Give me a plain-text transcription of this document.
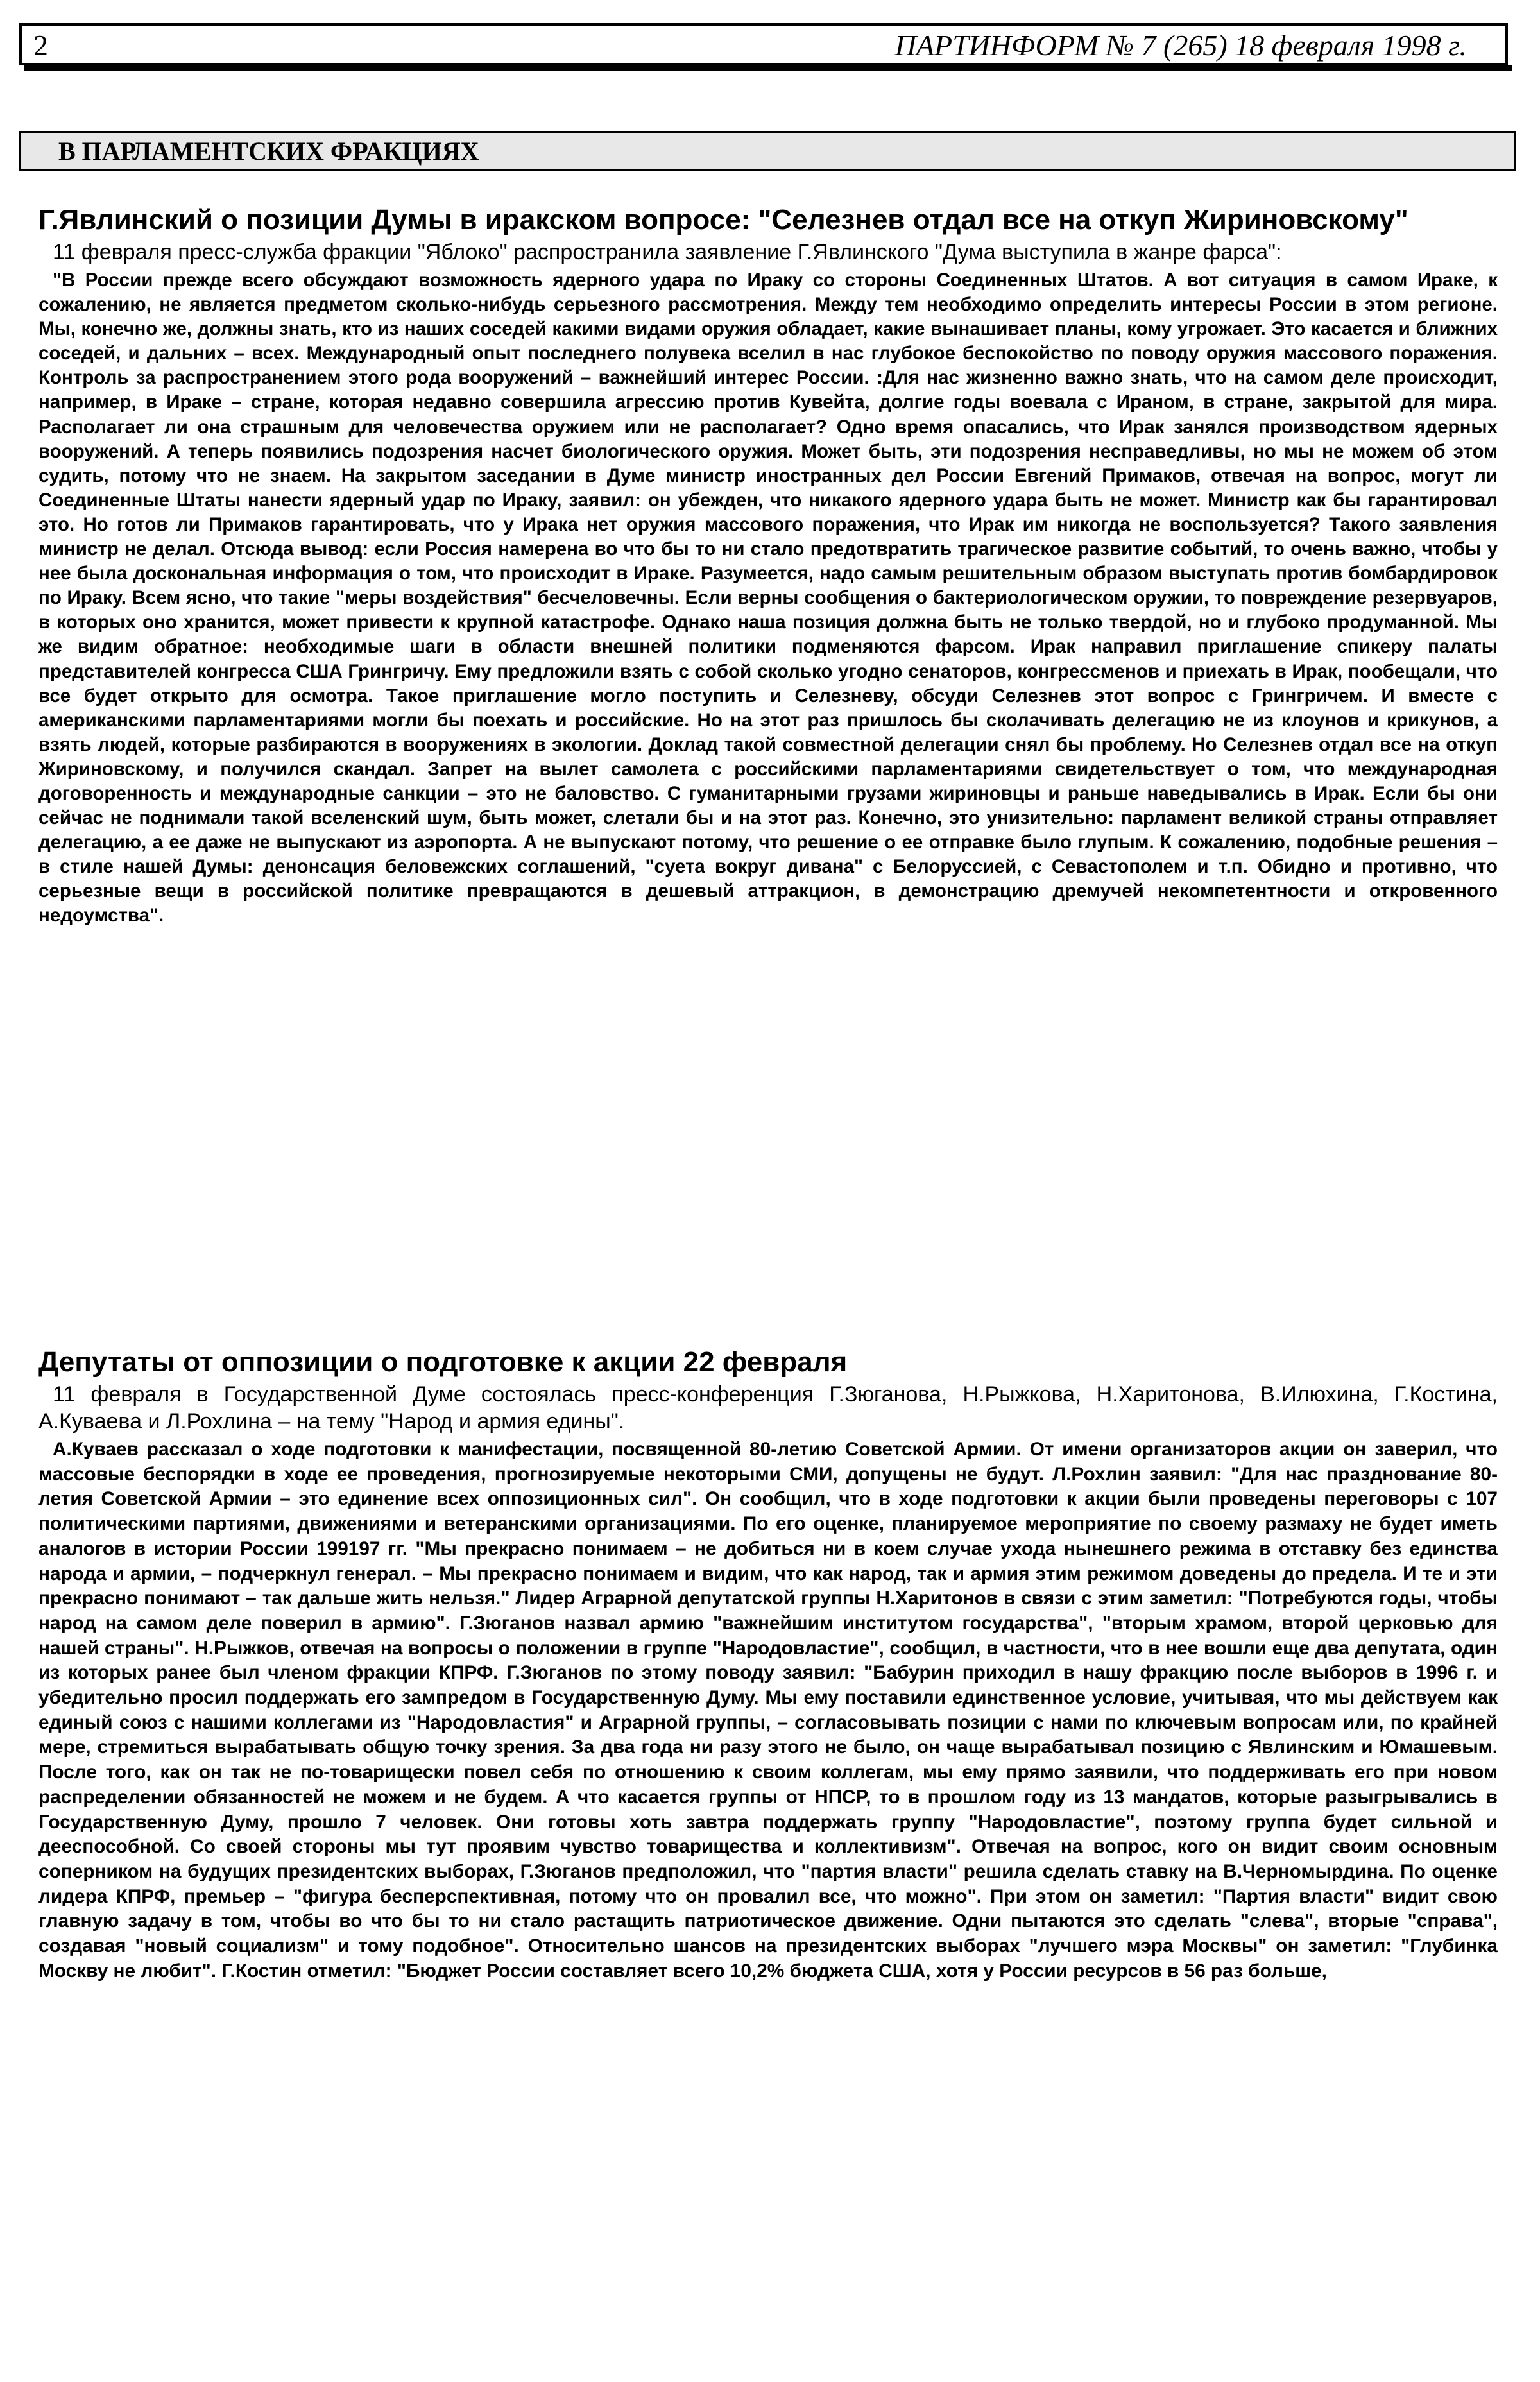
2	ПАРТИНФОРМ № 7 (265) 18 февраля 1998 г.
В ПАРЛАМЕНТСКИХ ФРАКЦИЯХ
Г.Явлинский о позиции Думы в иракском вопросе: "Селезнев отдал все на откуп Жириновскому"

11 февраля пресс-служба фракции "Яблоко" распространила заявление Г.Явлинского "Дума выступила в жанре фарса":

"В России прежде всего обсуждают возможность ядерного удара по Ираку со стороны Соединенных Штатов. А вот ситуация в самом Ираке, к сожалению, не является предметом сколько-нибудь серьезного рассмотрения. Между тем необходимо определить интересы России в этом регионе. Мы, конечно же, должны знать, кто из наших соседей какими видами оружия обладает, какие вынашивает планы, кому угрожает. Это касается и ближних соседей, и дальних – всех. Международный опыт последнего полувека вселил в нас глубокое беспокойство по поводу оружия массового поражения. Контроль за распространением этого рода вооружений – важнейший интерес России. :Для нас жизненно важно знать, что на самом деле происходит, например, в Ираке – стране, которая недавно совершила агрессию против Кувейта, долгие годы воевала с Ираном, в стране, закрытой для мира. Располагает ли она страшным для человечества оружием или не располагает? Одно время опасались, что Ирак занялся производством ядерных вооружений. А теперь появились подозрения насчет биологического оружия. Может быть, эти подозрения несправедливы, но мы не можем об этом судить, потому что не знаем. На закрытом заседании в Думе министр иностранных дел России Евгений Примаков, отвечая на вопрос, могут ли Соединенные Штаты нанести ядерный удар по Ираку, заявил: он убежден, что никакого ядерного удара быть не может. Министр как бы гарантировал это. Но готов ли Примаков гарантировать, что у Ирака нет оружия массового поражения, что Ирак им никогда не воспользуется? Такого заявления министр не делал. Отсюда вывод: если Россия намерена во что бы то ни стало предотвратить трагическое развитие событий, то очень важно, чтобы у нее была доскональная информация о том, что происходит в Ираке. Разумеется, надо самым решительным образом выступать против бомбардировок по Ираку. Всем ясно, что такие "меры воздействия" бесчеловечны. Если верны сообщения о бактериологическом оружии, то повреждение резервуаров, в которых оно хранится, может привести к крупной катастрофе. Однако наша позиция должна быть не только твердой, но и глубоко продуманной. Мы же видим обратное: необходимые шаги в области внешней политики подменяются фарсом. Ирак направил приглашение спикеру палаты представителей конгресса США Грингричу. Ему предложили взять с собой сколько угодно сенаторов, конгрессменов и приехать в Ирак, пообещали, что все будет открыто для осмотра. Такое приглашение могло поступить и Селезневу, обсуди Селезнев этот вопрос с Грингричем. И вместе с американскими парламентариями могли бы поехать и российские. Но на этот раз пришлось бы сколачивать делегацию не из клоунов и крикунов, а взять людей, которые разбираются в вооружениях в экологии. Доклад такой совместной делегации снял бы проблему. Но Селезнев отдал все на откуп Жириновскому, и получился скандал. Запрет на вылет самолета с российскими парламентариями свидетельствует о том, что международная договоренность и международные санкции – это не баловство. С гуманитарными грузами жириновцы и раньше наведывались в Ирак. Если бы они сейчас не поднимали такой вселенский шум, быть может, слетали бы и на этот раз. Конечно, это унизительно: парламент великой страны отправляет делегацию, а ее даже не выпускают из аэропорта. А не выпускают потому, что решение о ее отправке было глупым. К сожалению, подобные решения – в стиле нашей Думы: денонсация беловежских соглашений, "суета вокруг дивана" с Белоруссией, с Севастополем и т.п. Обидно и противно, что серьезные вещи в российской политике превращаются в дешевый аттракцион, в демонстрацию дремучей некомпетентности и откровенного недоумства".

Депутаты от оппозиции о подготовке к акции 22 февраля

11 февраля в Государственной Думе состоялась пресс-конференция Г.Зюганова, Н.Рыжкова, Н.Харитонова, В.Илюхина, Г.Костина, А.Куваева и Л.Рохлина – на тему "Народ и армия едины".

А.Куваев рассказал о ходе подготовки к манифестации, посвященной 80-летию Советской Армии. От имени организаторов акции он заверил, что массовые беспорядки в ходе ее проведения, прогнозируемые некоторыми СМИ, допущены не будут. Л.Рохлин заявил: "Для нас празднование 80-летия Советской Армии – это единение всех оппозиционных сил". Он сообщил, что в ходе подготовки к акции были проведены переговоры с 107 политическими партиями, движениями и ветеранскими организациями. По его оценке, планируемое мероприятие по своему размаху не будет иметь аналогов в истории России 199197 гг. "Мы прекрасно понимаем – не добиться ни в коем случае ухода нынешнего режима в отставку без единства народа и армии, – подчеркнул генерал. – Мы прекрасно понимаем и видим, что как народ, так и армия этим режимом доведены до предела. И те и эти прекрасно понимают – так дальше жить нельзя." Лидер Аграрной депутатской группы Н.Харитонов в связи с этим заметил: "Потребуются годы, чтобы народ на самом деле поверил в армию". Г.Зюганов назвал армию "важнейшим институтом государства", "вторым храмом, второй церковью для нашей страны". Н.Рыжков, отвечая на вопросы о положении в группе "Народовластие", сообщил, в частности, что в нее вошли еще два депутата, один из которых ранее был членом фракции КПРФ. Г.Зюганов по этому поводу заявил: "Бабурин приходил в нашу фракцию после выборов в 1996 г. и убедительно просил поддержать его зампредом в Государственную Думу. Мы ему поставили единственное условие, учитывая, что мы действуем как единый союз с нашими коллегами из "Народовластия" и Аграрной группы, – согласовывать позиции с нами по ключевым вопросам или, по крайней мере, стремиться вырабатывать общую точку зрения. За два года ни разу этого не было, он чаще вырабатывал позицию с Явлинским и Юмашевым. После того, как он так не по-товарищески повел себя по отношению к своим коллегам, мы ему прямо заявили, что поддерживать его при новом распределении обязанностей не можем и не будем. А что касается группы от НПСР, то в прошлом году из 13 мандатов, которые разыгрывались в Государственную Думу, прошло 7 человек. Они готовы хоть завтра поддержать группу "Народовластие", поэтому группа будет сильной и дееспособной. Со своей стороны мы тут проявим чувство товарищества и коллективизм". Отвечая на вопрос, кого он видит своим основным соперником на будущих президентских выборах, Г.Зюганов предположил, что "партия власти" решила сделать ставку на В.Черномырдина. По оценке лидера КПРФ, премьер – "фигура бесперспективная, потому что он провалил все, что можно". При этом он заметил: "Партия власти" видит свою главную задачу в том, чтобы во что бы то ни стало растащить патриотическое движение. Одни пытаются это сделать "слева", вторые "справа", создавая "новый социализм" и тому подобное". Относительно шансов на президентских выборах "лучшего мэра Москвы" он заметил: "Глубинка Москву не любит". Г.Костин отметил: "Бюджет России составляет всего 10,2% бюджета США, хотя у России ресурсов в 56 раз больше,
